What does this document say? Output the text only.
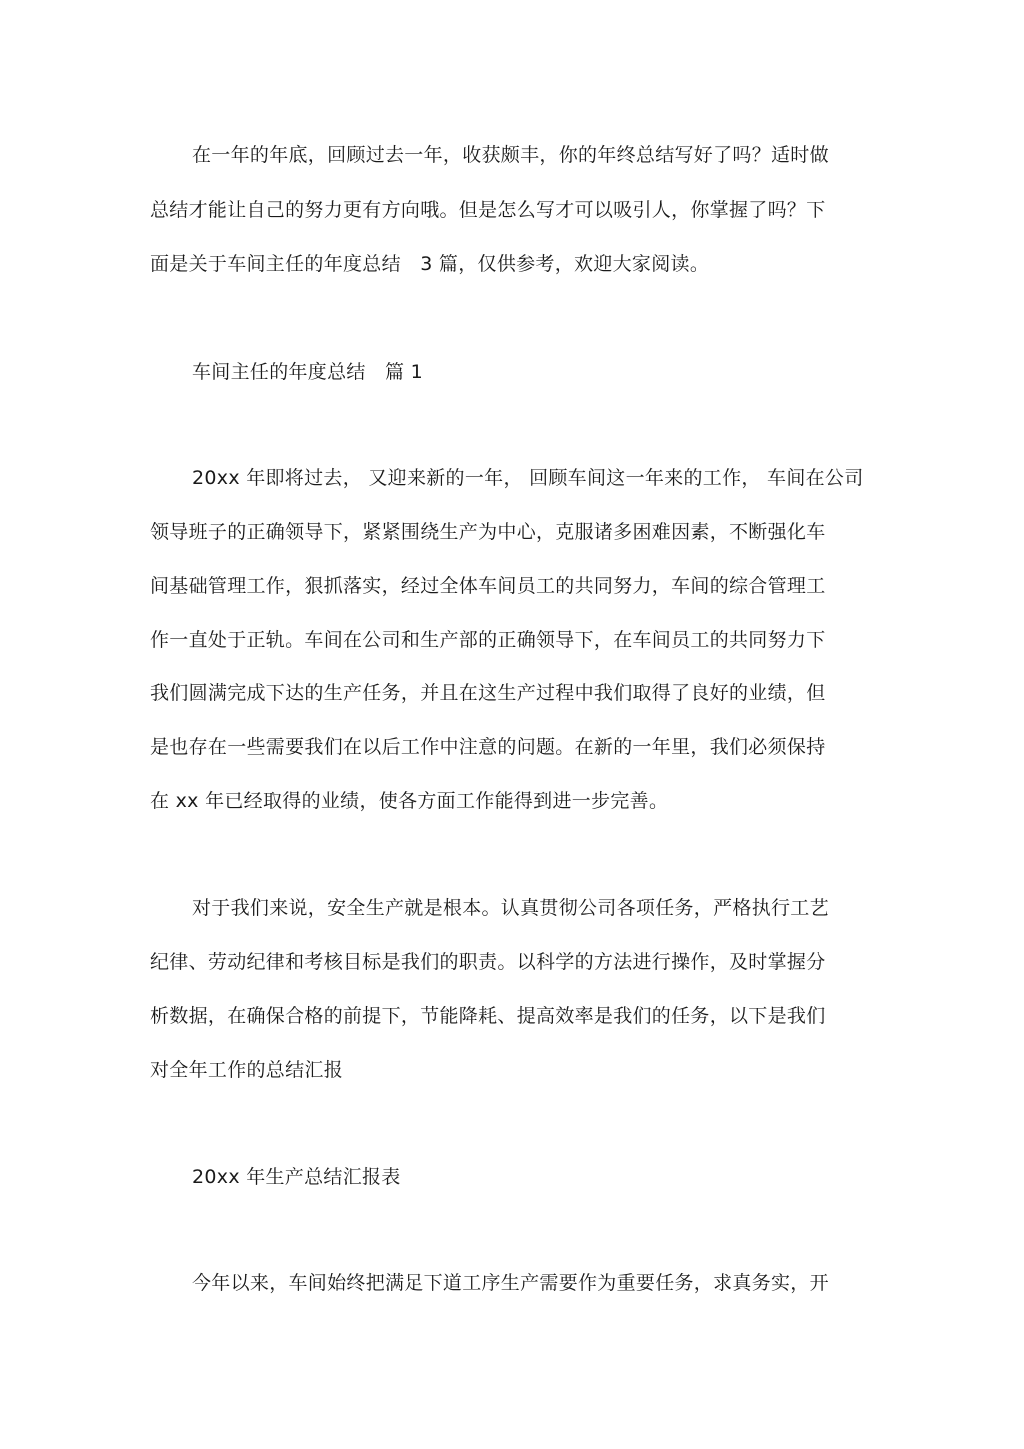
在一年的年底，回顾过去一年，收获颇丰，你的年终总结写好了吗？适时做
总结才能让自己的努力更有方向哦。但是怎么写才可以吸引人，你掌握了吗？下
面是关于车间主任的年度总结　3 篇，仅供参考，欢迎大家阅读。
车间主任的年度总结　篇 1
20xx 年即将过去， 又迎来新的一年， 回顾车间这一年来的工作， 车间在公司
领导班子的正确领导下，紧紧围绕生产为中心，克服诸多困难因素，不断强化车
间基础管理工作，狠抓落实，经过全体车间员工的共同努力，车间的综合管理工
作一直处于正轨。车间在公司和生产部的正确领导下，在车间员工的共同努力下
我们圆满完成下达的生产任务，并且在这生产过程中我们取得了良好的业绩，但
是也存在一些需要我们在以后工作中注意的问题。在新的一年里，我们必须保持
在 xx 年已经取得的业绩，使各方面工作能得到进一步完善。
对于我们来说，安全生产就是根本。认真贯彻公司各项任务，严格执行工艺
纪律、劳动纪律和考核目标是我们的职责。以科学的方法进行操作，及时掌握分
析数据，在确保合格的前提下，节能降耗、提高效率是我们的任务，以下是我们
对全年工作的总结汇报
20xx 年生产总结汇报表
今年以来，车间始终把满足下道工序生产需要作为重要任务，求真务实，开
